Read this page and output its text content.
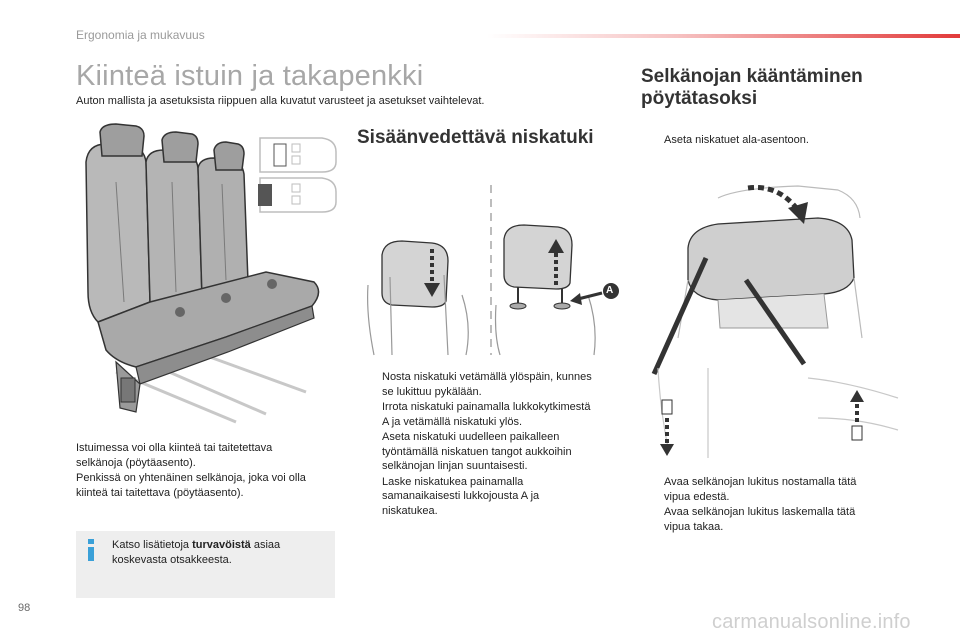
Ergonomia ja mukavuus
Kiinteä istuin ja takapenkki
Auton mallista ja asetuksista riippuen alla kuvatut varusteet ja asetukset vaihtelevat.
Istuimessa voi olla kiinteä tai taitetettava
selkänoja (pöytäasento).
Penkissä on yhtenäinen selkänoja, joka voi olla
kiinteä tai taitettava (pöytäasento).
Katso lisätietoja turvavöistä asiaa
koskevasta otsakkeesta.
Sisäänvedettävä niskatuki
A
Nosta niskatuki vetämällä ylöspäin, kunnes
se lukittuu pykälään.
Irrota niskatuki painamalla lukkokytkimestä
A ja vetämällä niskatuki ylös.
Aseta niskatuki uudelleen paikalleen
työntämällä niskatuen tangot aukkoihin
selkänojan linjan suuntaisesti.
Laske niskatukea painamalla
samanaikaisesti lukkojousta A ja
niskatukea.
Selkänojan kääntäminen
pöytätasoksi
Aseta niskatuet ala-asentoon.
Avaa selkänojan lukitus nostamalla tätä
vipua edestä.
Avaa selkänojan lukitus laskemalla tätä
vipua takaa.
98
carmanualsonline.info
